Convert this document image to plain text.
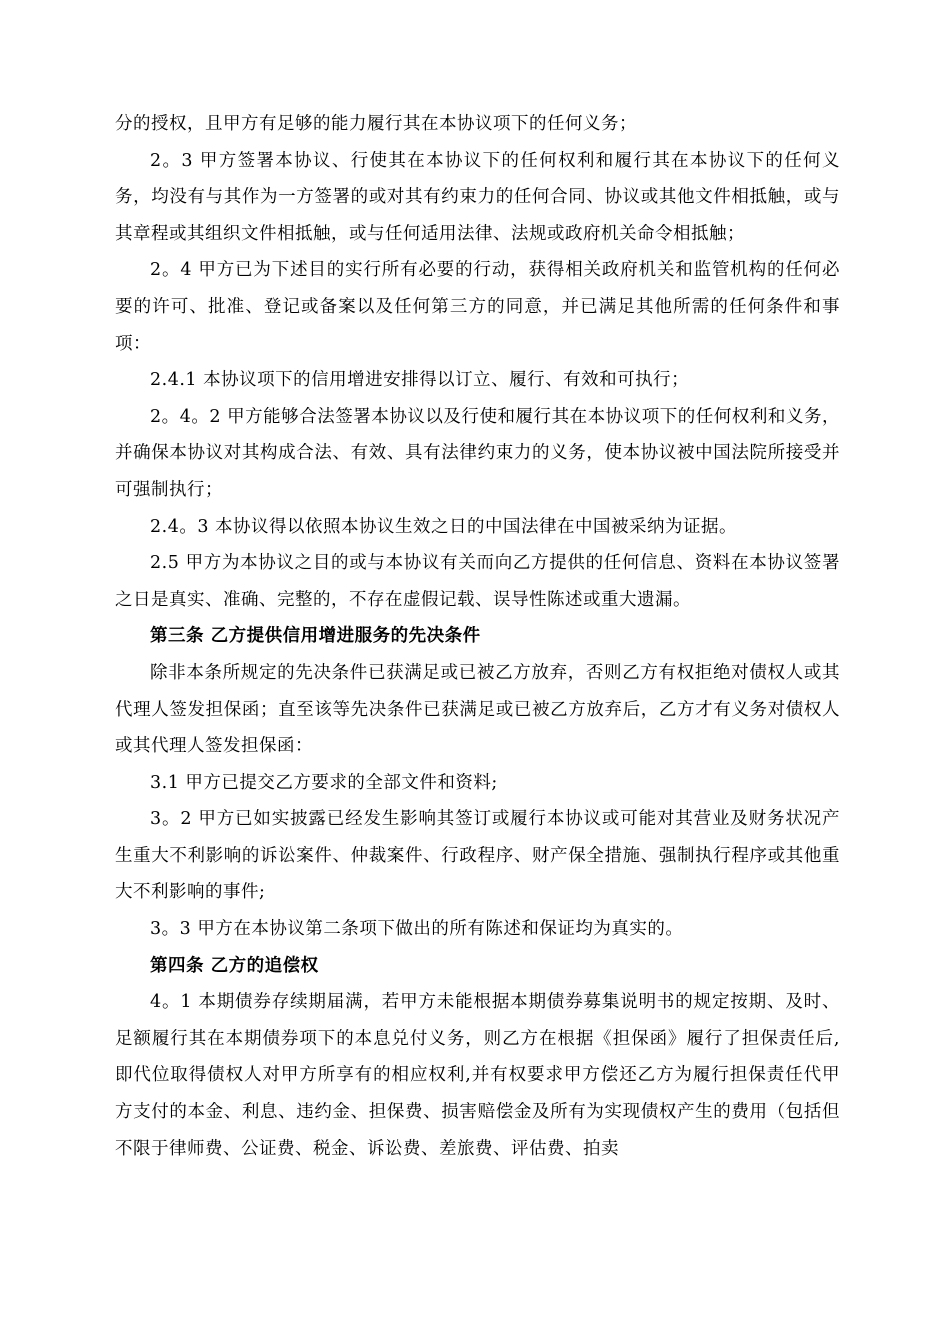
分的授权，且甲方有足够的能力履行其在本协议项下的任何义务；

2。3 甲方签署本协议、行使其在本协议下的任何权利和履行其在本协议下的任何义务，均没有与其作为一方签署的或对其有约束力的任何合同、协议或其他文件相抵触，或与其章程或其组织文件相抵触，或与任何适用法律、法规或政府机关命令相抵触；

2。4 甲方已为下述目的实行所有必要的行动，获得相关政府机关和监管机构的任何必要的许可、批准、登记或备案以及任何第三方的同意，并已满足其他所需的任何条件和事项：

2.4.1 本协议项下的信用增进安排得以订立、履行、有效和可执行；

2。4。2 甲方能够合法签署本协议以及行使和履行其在本协议项下的任何权利和义务，并确保本协议对其构成合法、有效、具有法律约束力的义务，使本协议被中国法院所接受并可强制执行；

2.4。3 本协议得以依照本协议生效之日的中国法律在中国被采纳为证据。

2.5 甲方为本协议之目的或与本协议有关而向乙方提供的任何信息、资料在本协议签署之日是真实、准确、完整的，不存在虚假记载、误导性陈述或重大遗漏。

第三条 乙方提供信用增进服务的先决条件

除非本条所规定的先决条件已获满足或已被乙方放弃，否则乙方有权拒绝对债权人或其代理人签发担保函；直至该等先决条件已获满足或已被乙方放弃后，乙方才有义务对债权人或其代理人签发担保函：

3.1 甲方已提交乙方要求的全部文件和资料;

3。2 甲方已如实披露已经发生影响其签订或履行本协议或可能对其营业及财务状况产生重大不利影响的诉讼案件、仲裁案件、行政程序、财产保全措施、强制执行程序或其他重大不利影响的事件;

3。3 甲方在本协议第二条项下做出的所有陈述和保证均为真实的。

第四条 乙方的追偿权

4。1 本期债券存续期届满，若甲方未能根据本期债券募集说明书的规定按期、及时、足额履行其在本期债券项下的本息兑付义务，则乙方在根据《担保函》履行了担保责任后,即代位取得债权人对甲方所享有的相应权利,并有权要求甲方偿还乙方为履行担保责任代甲方支付的本金、利息、违约金、担保费、损害赔偿金及所有为实现债权产生的费用（包括但不限于律师费、公证费、税金、诉讼费、差旅费、评估费、拍卖
